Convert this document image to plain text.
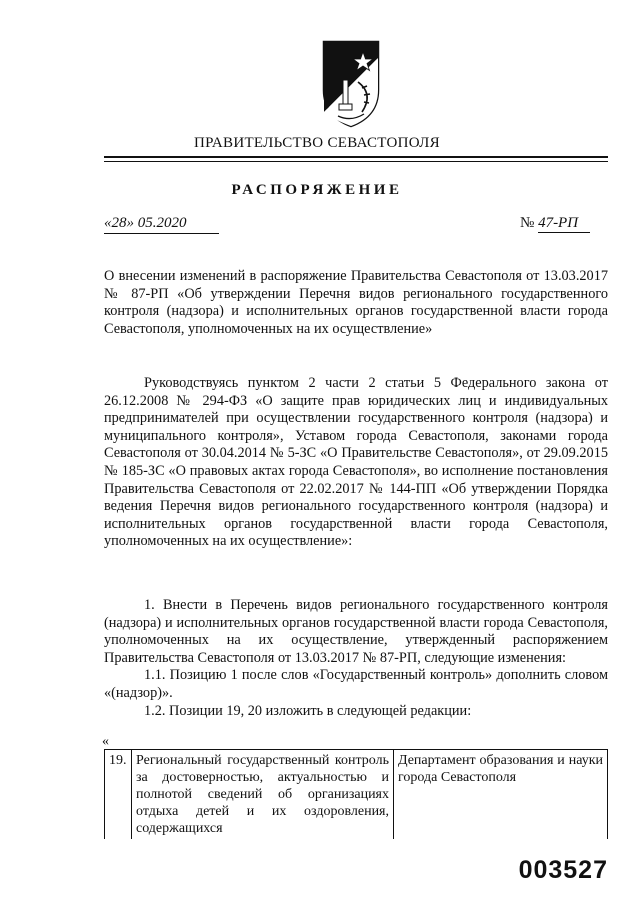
ПРАВИТЕЛЬСТВО СЕВАСТОПОЛЯ
РАСПОРЯЖЕНИЕ
«28» 05.2020	№ 47-РП

О внесении изменений в распоряжение Правительства Севастополя от 13.03.2017 № 87-РП «Об утверждении Перечня видов регионального государственного контроля (надзора) и исполнительных органов государственной власти города Севастополя, уполномоченных на их осуществление»

Руководствуясь пунктом 2 части 2 статьи 5 Федерального закона от 26.12.2008 № 294-ФЗ «О защите прав юридических лиц и индивидуальных предпринимателей при осуществлении государственного контроля (надзора) и муниципального контроля», Уставом города Севастополя, законами города Севастополя от 30.04.2014 № 5-ЗС «О Правительстве Севастополя», от 29.09.2015 № 185-ЗС «О правовых актах города Севастополя», во исполнение постановления Правительства Севастополя от 22.02.2017 № 144-ПП «Об утверждении Порядка ведения Перечня видов регионального государственного контроля (надзора) и исполнительных органов государственной власти города Севастополя, уполномоченных на их осуществление»:

1. Внести в Перечень видов регионального государственного контроля (надзора) и исполнительных органов государственной власти города Севастополя, уполномоченных на их осуществление, утвержденный распоряжением Правительства Севастополя от 13.03.2017 № 87-РП, следующие изменения:

1.1. Позицию 1 после слов «Государственный контроль» дополнить словом «(надзор)».

1.2. Позиции 19, 20 изложить в следующей редакции:

«
19.	Региональный государственный контроль за достоверностью, актуальностью и полнотой сведений об организациях отдыха детей и их оздоровления, содержащихся	Департамент образования и науки города Севастополя
003527
